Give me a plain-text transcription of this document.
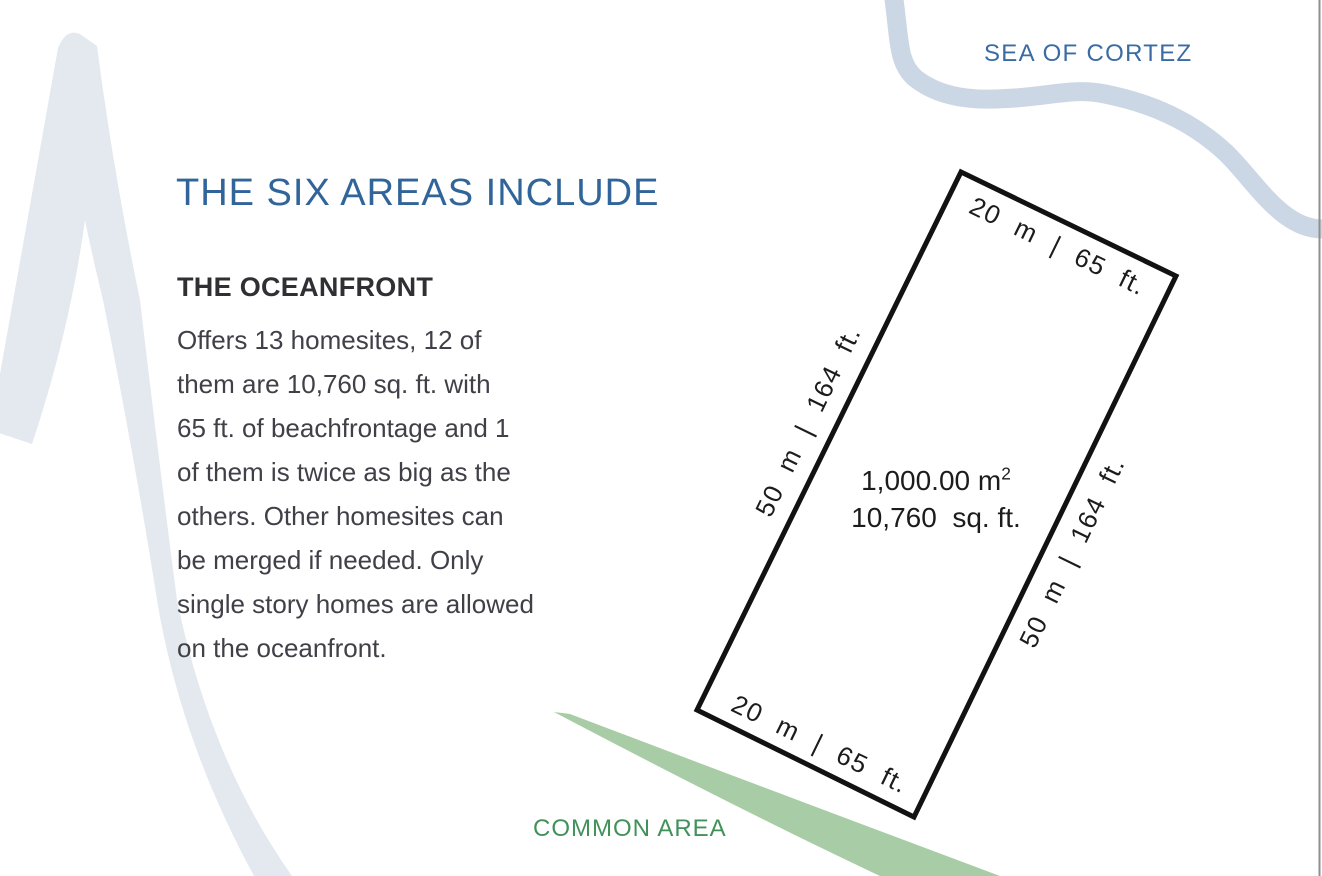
THE SIX AREAS INCLUDE
THE OCEANFRONT
Offers 13 homesites, 12 of
them are 10,760 sq. ft. with
65 ft. of beachfrontage and 1
of them is twice as big as the
others. Other homesites can
be merged if needed. Only
single story homes are allowed
on the oceanfront.
SEA OF CORTEZ
COMMON AREA
20 m | 65 ft.
20 m | 65 ft.
50 m | 164 ft.
50 m | 164 ft.
1,000.00 $m^2$
10,760  sq. ft.
